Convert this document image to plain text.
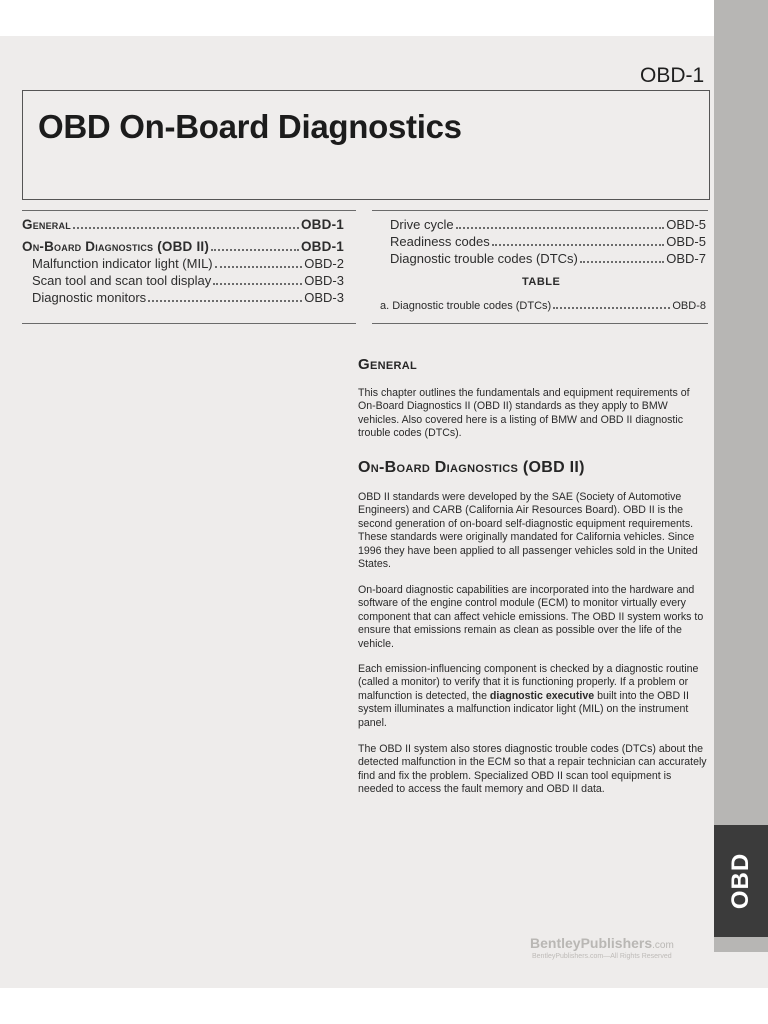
OBD
OBD-1
OBD On-Board Diagnostics
General	OBD-1
On-Board Diagnostics (OBD II)	OBD-1
Malfunction indicator light (MIL)	OBD-2
Scan tool and scan tool display	OBD-3
Diagnostic monitors	OBD-3
Drive cycle	OBD-5
Readiness codes	OBD-5
Diagnostic trouble codes (DTCs)	OBD-7
TABLE
a. Diagnostic trouble codes (DTCs)	OBD-8
General
This chapter outlines the fundamentals and equipment requirements of On-Board Diagnostics II (OBD II) standards as they apply to BMW vehicles. Also covered here is a listing of BMW and OBD II diagnostic trouble codes (DTCs).
On-Board Diagnostics (OBD II)
OBD II standards were developed by the SAE (Society of Automotive Engineers) and CARB (California Air Resources Board). OBD II is the second generation of on-board self-diagnostic equipment requirements. These standards were originally mandated for California vehicles. Since 1996 they have been applied to all passenger vehicles sold in the United States.
On-board diagnostic capabilities are incorporated into the hardware and software of the engine control module (ECM) to monitor virtually every component that can affect vehicle emissions. The OBD II system works to ensure that emissions remain as clean as possible over the life of the vehicle.
Each emission-influencing component is checked by a diagnostic routine (called a monitor) to verify that it is functioning properly. If a problem or malfunction is detected, the diagnostic executive built into the OBD II system illuminates a malfunction indicator light (MIL) on the instrument panel.
The OBD II system also stores diagnostic trouble codes (DTCs) about the detected malfunction in the ECM so that a repair technician can accurately find and fix the problem. Specialized OBD II scan tool equipment is needed to access the fault memory and OBD II data.
BentleyPublishers.com
BentleyPublishers.com—All Rights Reserved
